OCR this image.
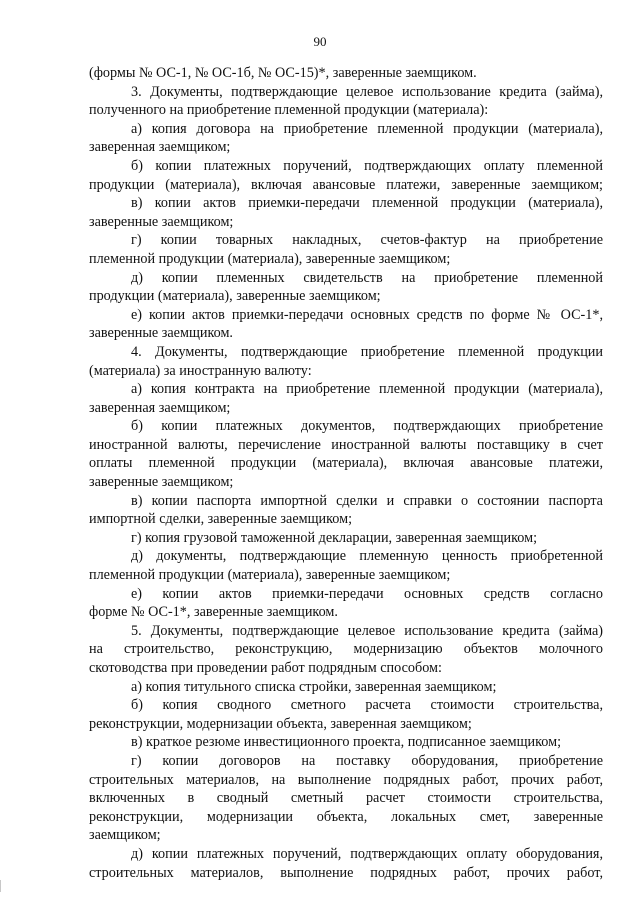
90
(формы № ОС-1, № ОС-1б, № ОС-15)*, заверенные заемщиком.
3. Документы, подтверждающие целевое использование кредита (займа),
полученного на приобретение племенной продукции (материала):
а) копия договора на приобретение племенной продукции (материала),
заверенная заемщиком;
б) копии платежных поручений, подтверждающих оплату племенной
продукции (материала), включая авансовые платежи, заверенные заемщиком;
в) копии актов приемки-передачи племенной продукции (материала),
заверенные заемщиком;
г) копии товарных накладных, счетов-фактур на приобретение
племенной продукции (материала), заверенные заемщиком;
д) копии племенных свидетельств на приобретение племенной
продукции (материала), заверенные заемщиком;
е) копии актов приемки-передачи основных средств по форме № ОС-1*,
заверенные заемщиком.
4. Документы, подтверждающие приобретение племенной продукции
(материала) за иностранную валюту:
а) копия контракта на приобретение племенной продукции (материала),
заверенная заемщиком;
б) копии платежных документов, подтверждающих приобретение
иностранной валюты, перечисление иностранной валюты поставщику в счет
оплаты племенной продукции (материала), включая авансовые платежи,
заверенные заемщиком;
в) копии паспорта импортной сделки и справки о состоянии паспорта
импортной сделки, заверенные заемщиком;
г) копия грузовой таможенной декларации, заверенная заемщиком;
д) документы, подтверждающие племенную ценность приобретенной
племенной продукции (материала), заверенные заемщиком;
е) копии актов приемки-передачи основных средств согласно
форме № ОС-1*, заверенные заемщиком.
5. Документы, подтверждающие целевое использование кредита (займа)
на строительство, реконструкцию, модернизацию объектов молочного
скотоводства при проведении работ подрядным способом:
а) копия титульного списка стройки, заверенная заемщиком;
б) копия сводного сметного расчета стоимости строительства,
реконструкции, модернизации объекта, заверенная заемщиком;
в) краткое резюме инвестиционного проекта, подписанное заемщиком;
г) копии договоров на поставку оборудования, приобретение
строительных материалов, на выполнение подрядных работ, прочих работ,
включенных в сводный сметный расчет стоимости строительства,
реконструкции, модернизации объекта, локальных смет, заверенные
заемщиком;
д) копии платежных поручений, подтверждающих оплату оборудования,
строительных материалов, выполнение подрядных работ, прочих работ,
